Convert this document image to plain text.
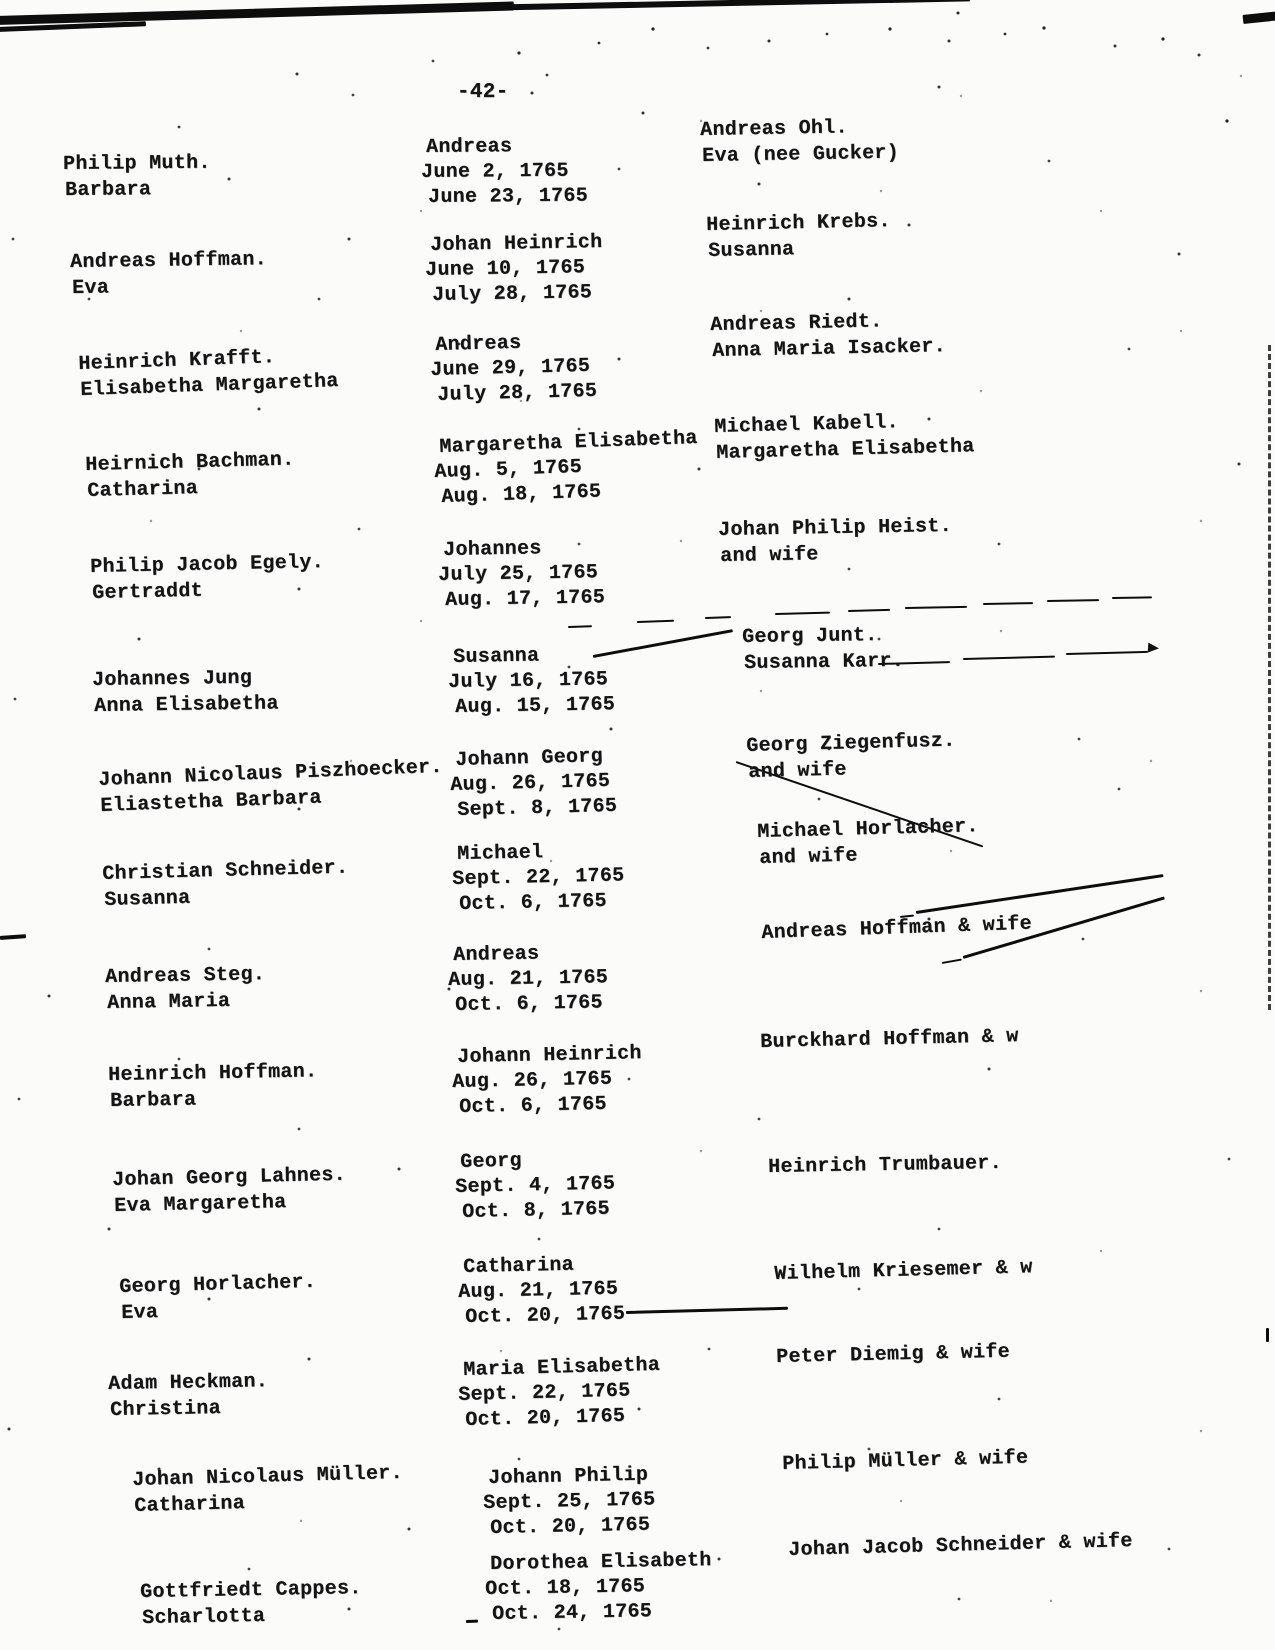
-42-
Philip Muth.
Barbara
Andreas
June 2, 1765
June 23, 1765
Andreas Ohl.
Eva (nee Gucker)
Andreas Hoffman.
Eva
Johan Heinrich
June 10, 1765
July 28, 1765
Heinrich Krebs.
Susanna
Heinrich Krafft.
Elisabetha Margaretha
Andreas
June 29, 1765
July 28, 1765
Andreas Riedt.
Anna Maria Isacker.
Heirnich Bachman.
Catharina
Margaretha Elisabetha
Aug. 5, 1765
Aug. 18, 1765
Michael Kabell.
Margaretha Elisabetha
Philip Jacob Egely.
Gertraddt
Johannes
July 25, 1765
Aug. 17, 1765
Johan Philip Heist.
and wife
Johannes Jung
Anna Elisabetha
Susanna
July 16, 1765
Aug. 15, 1765
Georg Junt.
Susanna Karr.
Johann Nicolaus Piszhoecker.
Eliastetha Barbara
Johann Georg
Aug. 26, 1765
Sept. 8, 1765
Georg Ziegenfusz.
and wife
Christian Schneider.
Susanna
Michael
Sept. 22, 1765
Oct. 6, 1765
Michael Horlacher.
and wife
Andreas Steg.
Anna Maria
Andreas
Aug. 21, 1765
Oct. 6, 1765
Andreas Hoffman & wife
Heinrich Hoffman.
Barbara
Johann Heinrich
Aug. 26, 1765
Oct. 6, 1765
Burckhard Hoffman & w
Johan Georg Lahnes.
Eva Margaretha
Georg
Sept. 4, 1765
Oct. 8, 1765
Heinrich Trumbauer.
Georg Horlacher.
Eva
Catharina
Aug. 21, 1765
Oct. 20, 1765
Wilhelm Kriesemer & w
Adam Heckman.
Christina
Maria Elisabetha
Sept. 22, 1765
Oct. 20, 1765
Peter Diemig & wife
Johan Nicolaus Müller.
Catharina
Johann Philip
Sept. 25, 1765
Oct. 20, 1765
Philip Müller & wife
Gottfriedt Cappes.
Scharlotta
Dorothea Elisabeth
Oct. 18, 1765
Oct. 24, 1765
Johan Jacob Schneider & wife
